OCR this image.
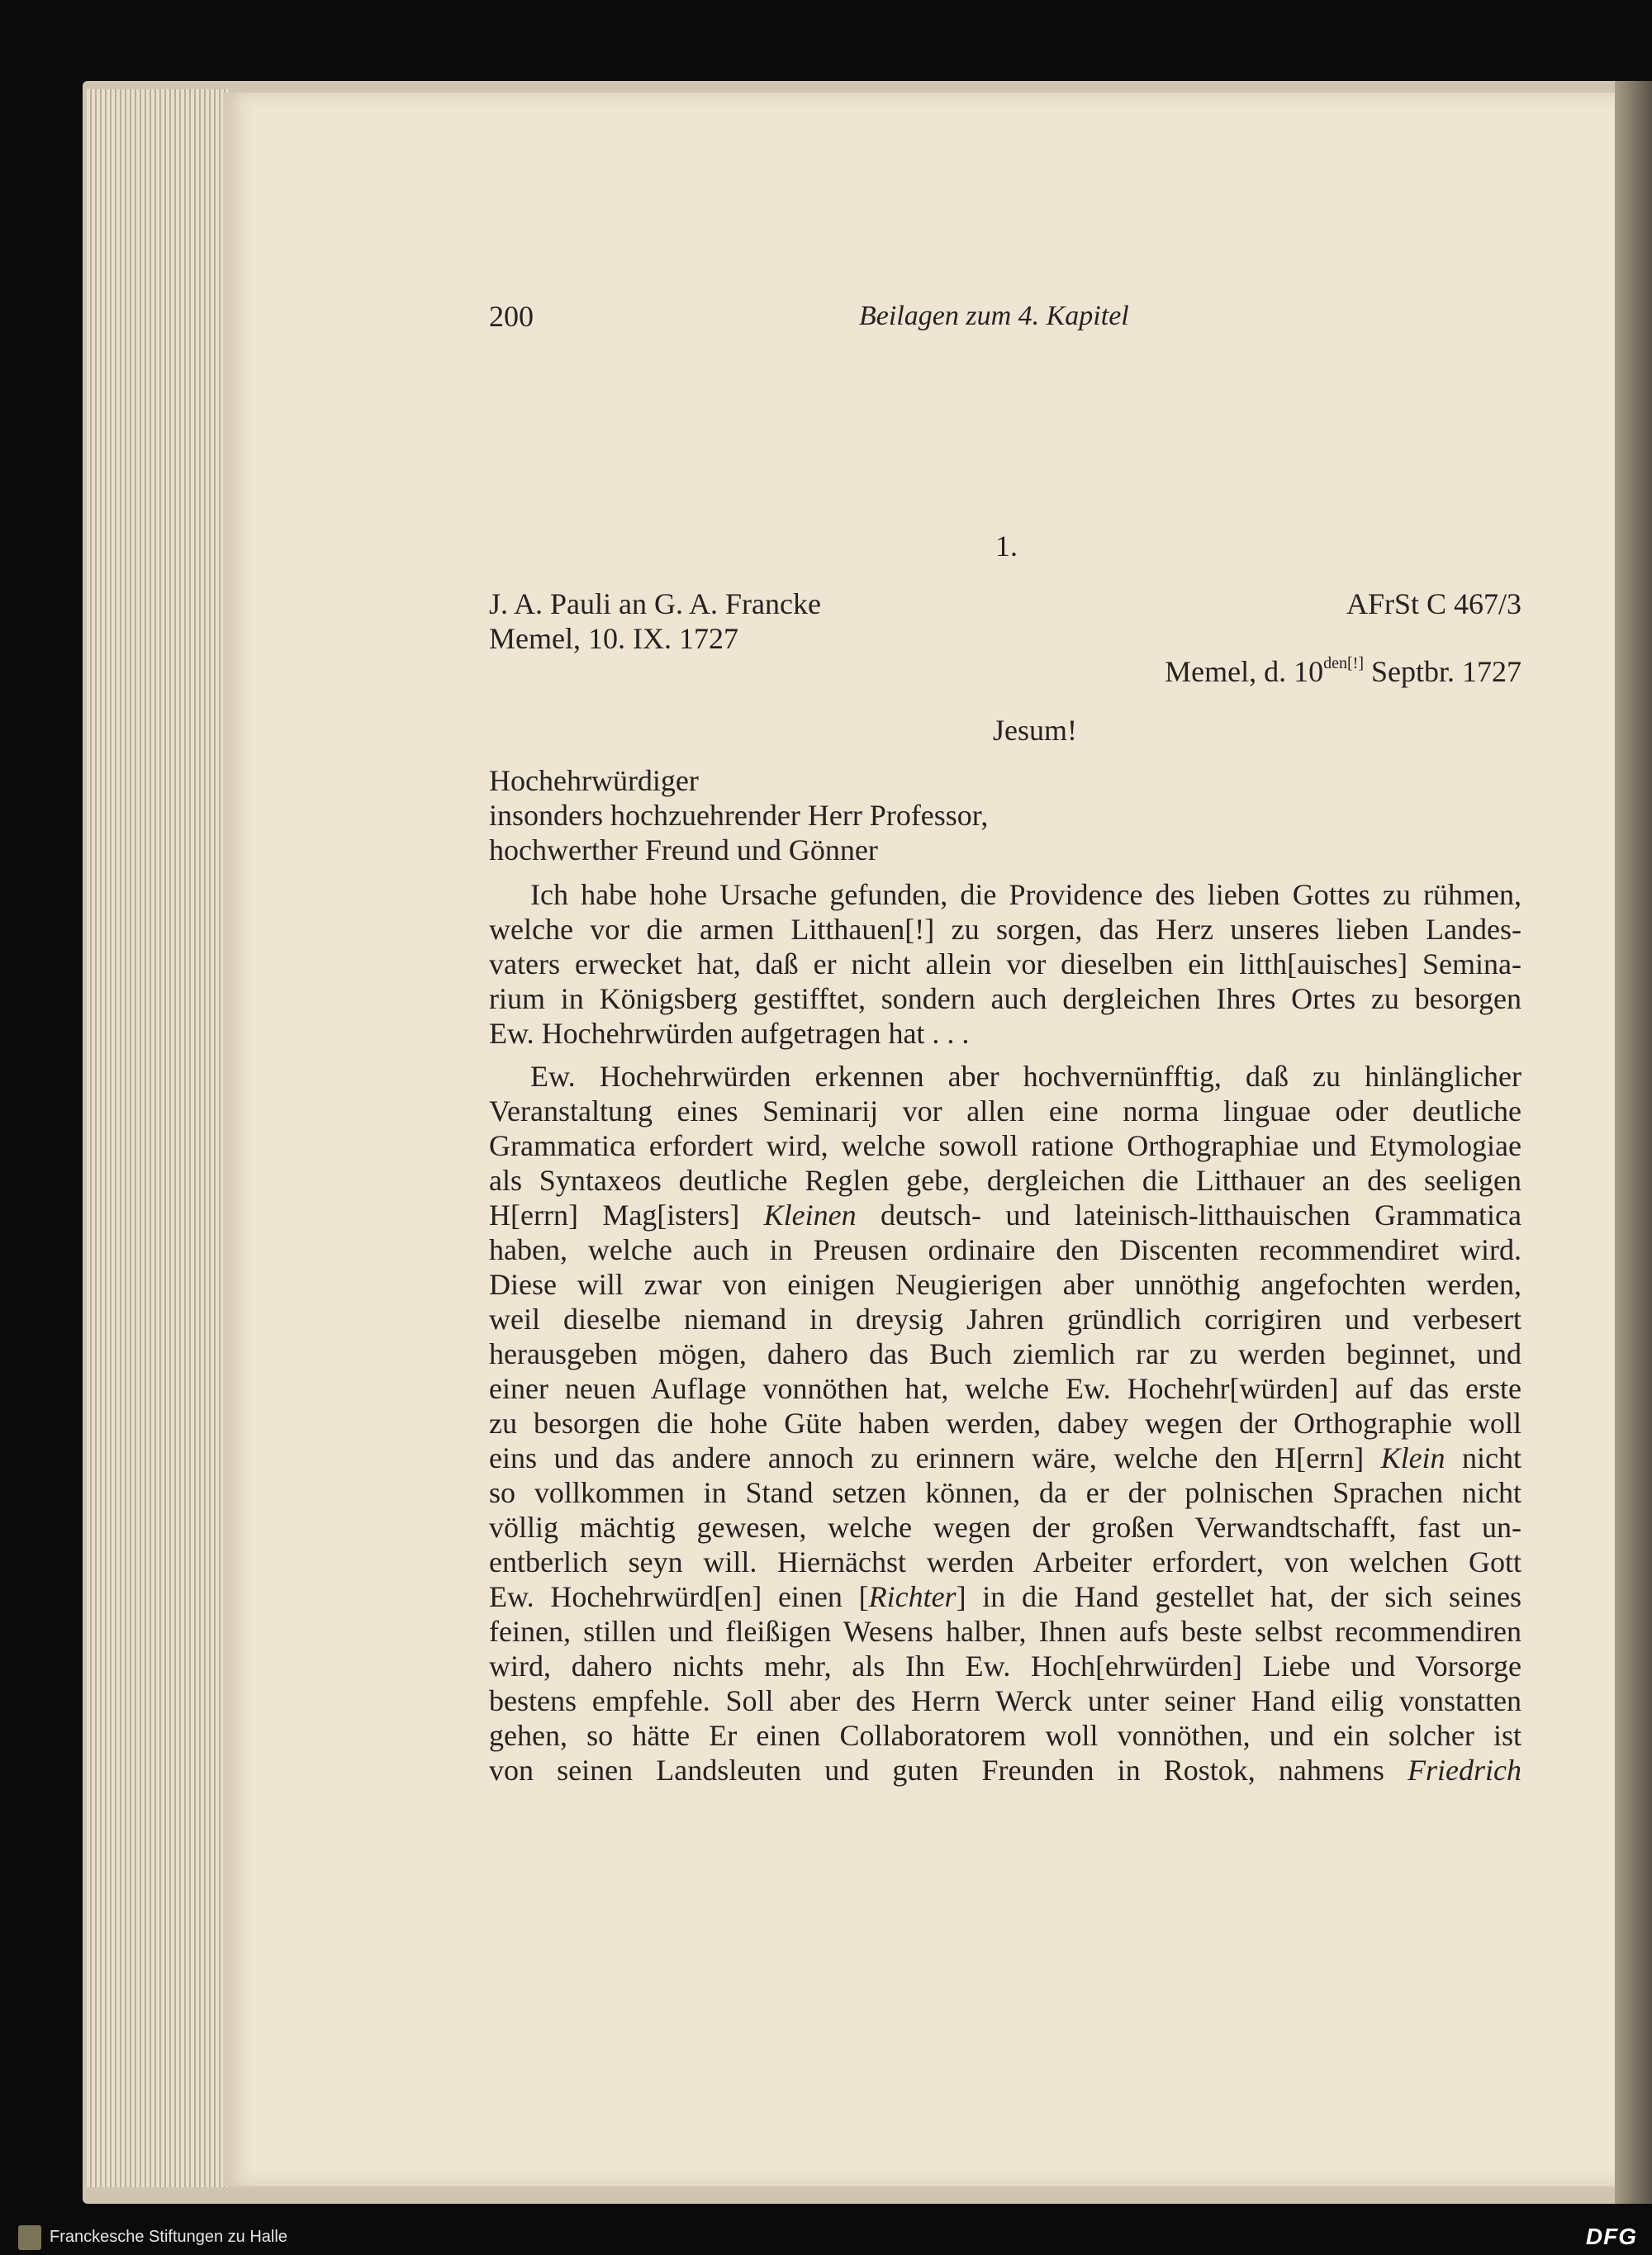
200	Beilagen zum 4. Kapitel
1.
J. A. Pauli an G. A. Francke
Memel, 10. IX. 1727
AFrSt C 467/3
Memel, d. $10^{den[!]}$ Septbr. 1727
Jesum!
Hochehrwürdiger
insonders hochzuehrender Herr Professor,
hochwerther Freund und Gönner
Ich habe hohe Ursache gefunden, die Providence des lieben Gottes zu rühmen,
welche vor die armen Litthauen[!] zu sorgen, das Herz unseres lieben Landes-
vaters erwecket hat, daß er nicht allein vor dieselben ein litth[auisches] Semina-
rium in Königsberg gestifftet, sondern auch dergleichen Ihres Ortes zu besorgen
Ew. Hochehrwürden aufgetragen hat . . .
Ew. Hochehrwürden erkennen aber hochvernünfftig, daß zu hinlänglicher
Veranstaltung eines Seminarij vor allen eine norma linguae oder deutliche
Grammatica erfordert wird, welche sowoll ratione Orthographiae und Etymologiae
als Syntaxeos deutliche Reglen gebe, dergleichen die Litthauer an des seeligen
H[errn] Mag[isters] Kleinen deutsch- und lateinisch-litthauischen Grammatica
haben, welche auch in Preusen ordinaire den Discenten recommendiret wird.
Diese will zwar von einigen Neugierigen aber unnöthig angefochten werden,
weil dieselbe niemand in dreysig Jahren gründlich corrigiren und verbesert
herausgeben mögen, dahero das Buch ziemlich rar zu werden beginnet, und
einer neuen Auflage vonnöthen hat, welche Ew. Hochehr[würden] auf das erste
zu besorgen die hohe Güte haben werden, dabey wegen der Orthographie woll
eins und das andere annoch zu erinnern wäre, welche den H[errn] Klein nicht
so vollkommen in Stand setzen können, da er der polnischen Sprachen nicht
völlig mächtig gewesen, welche wegen der großen Verwandtschafft, fast un-
entberlich seyn will. Hiernächst werden Arbeiter erfordert, von welchen Gott
Ew. Hochehrwürd[en] einen [Richter] in die Hand gestellet hat, der sich seines
feinen, stillen und fleißigen Wesens halber, Ihnen aufs beste selbst recommendiren
wird, dahero nichts mehr, als Ihn Ew. Hoch[ehrwürden] Liebe und Vorsorge
bestens empfehle. Soll aber des Herrn Werck unter seiner Hand eilig vonstatten
gehen, so hätte Er einen Collaboratorem woll vonnöthen, und ein solcher ist
von seinen Landsleuten und guten Freunden in Rostok, nahmens Friedrich
Franckesche Stiftungen zu Halle	DFG
